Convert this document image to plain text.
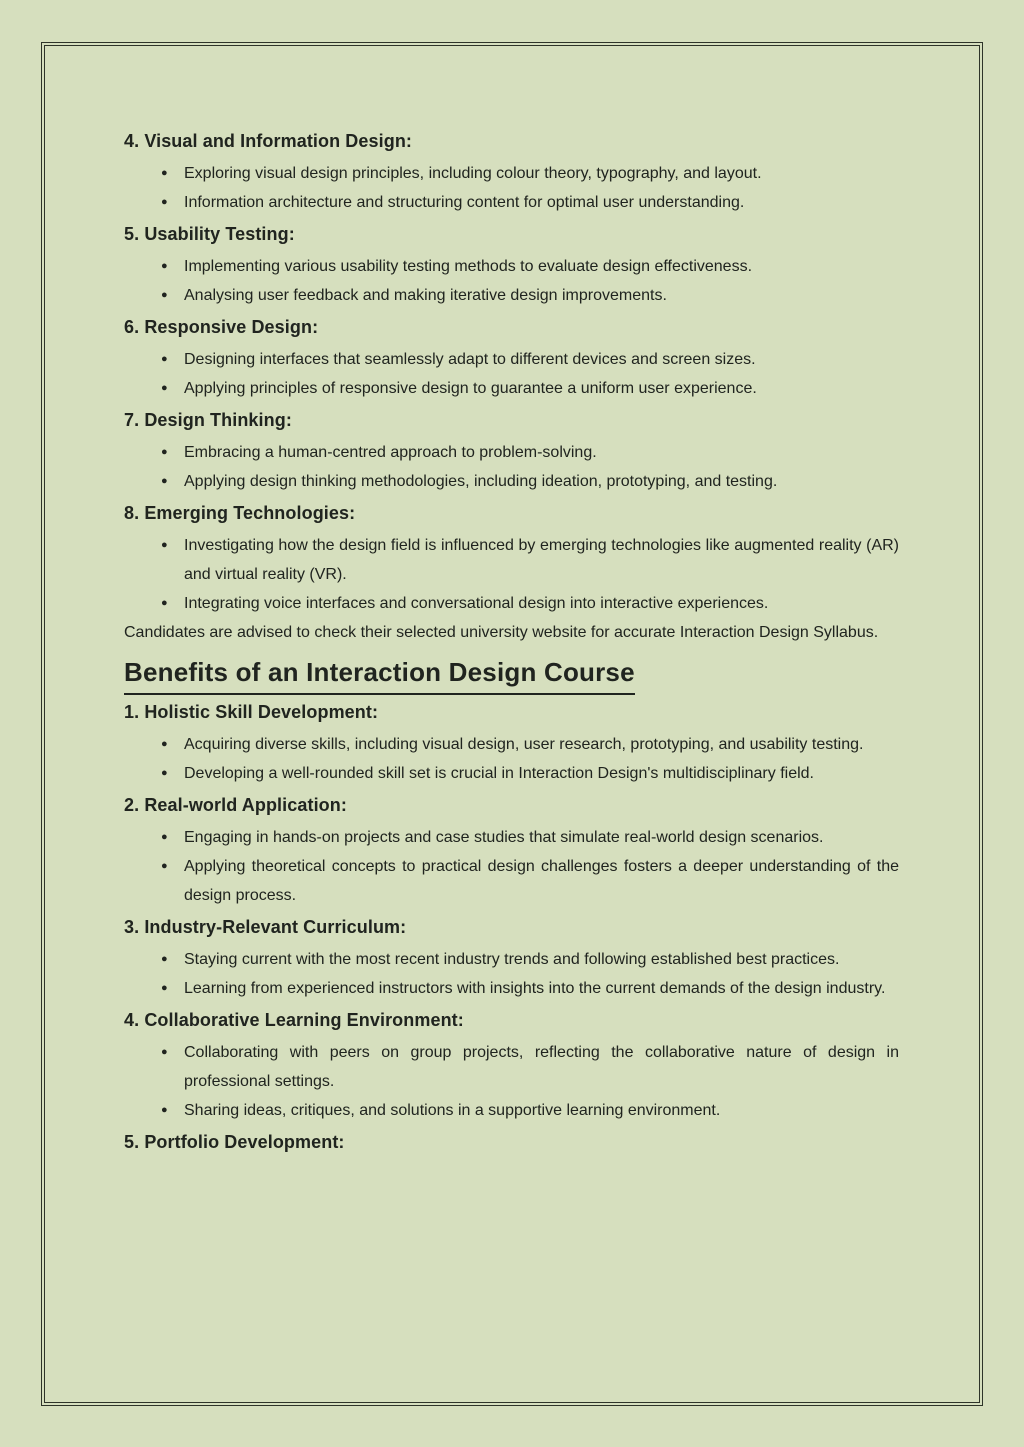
4. Visual and Information Design:
●	Exploring visual design principles, including colour theory, typography, and layout.
●	Information architecture and structuring content for optimal user understanding.
5. Usability Testing:
●	Implementing various usability testing methods to evaluate design effectiveness.
●	Analysing user feedback and making iterative design improvements.
6. Responsive Design:
●	Designing interfaces that seamlessly adapt to different devices and screen sizes.
●	Applying principles of responsive design to guarantee a uniform user experience.
7. Design Thinking:
●	Embracing a human-centred approach to problem-solving.
●	Applying design thinking methodologies, including ideation, prototyping, and testing.
8. Emerging Technologies:
●	Investigating how the design field is influenced by emerging technologies like augmented reality (AR) and virtual reality (VR).
●	Integrating voice interfaces and conversational design into interactive experiences.
Candidates are advised to check their selected university website for accurate Interaction Design Syllabus.
Benefits of an Interaction Design Course
1. Holistic Skill Development:
●	Acquiring diverse skills, including visual design, user research, prototyping, and usability testing.
●	Developing a well-rounded skill set is crucial in Interaction Design's multidisciplinary field.
2. Real-world Application:
●	Engaging in hands-on projects and case studies that simulate real-world design scenarios.
●	Applying theoretical concepts to practical design challenges fosters a deeper understanding of the design process.
3. Industry-Relevant Curriculum:
●	Staying current with the most recent industry trends and following established best practices.
●	Learning from experienced instructors with insights into the current demands of the design industry.
4. Collaborative Learning Environment:
●	Collaborating with peers on group projects, reflecting the collaborative nature of design in professional settings.
●	Sharing ideas, critiques, and solutions in a supportive learning environment.
5. Portfolio Development:
